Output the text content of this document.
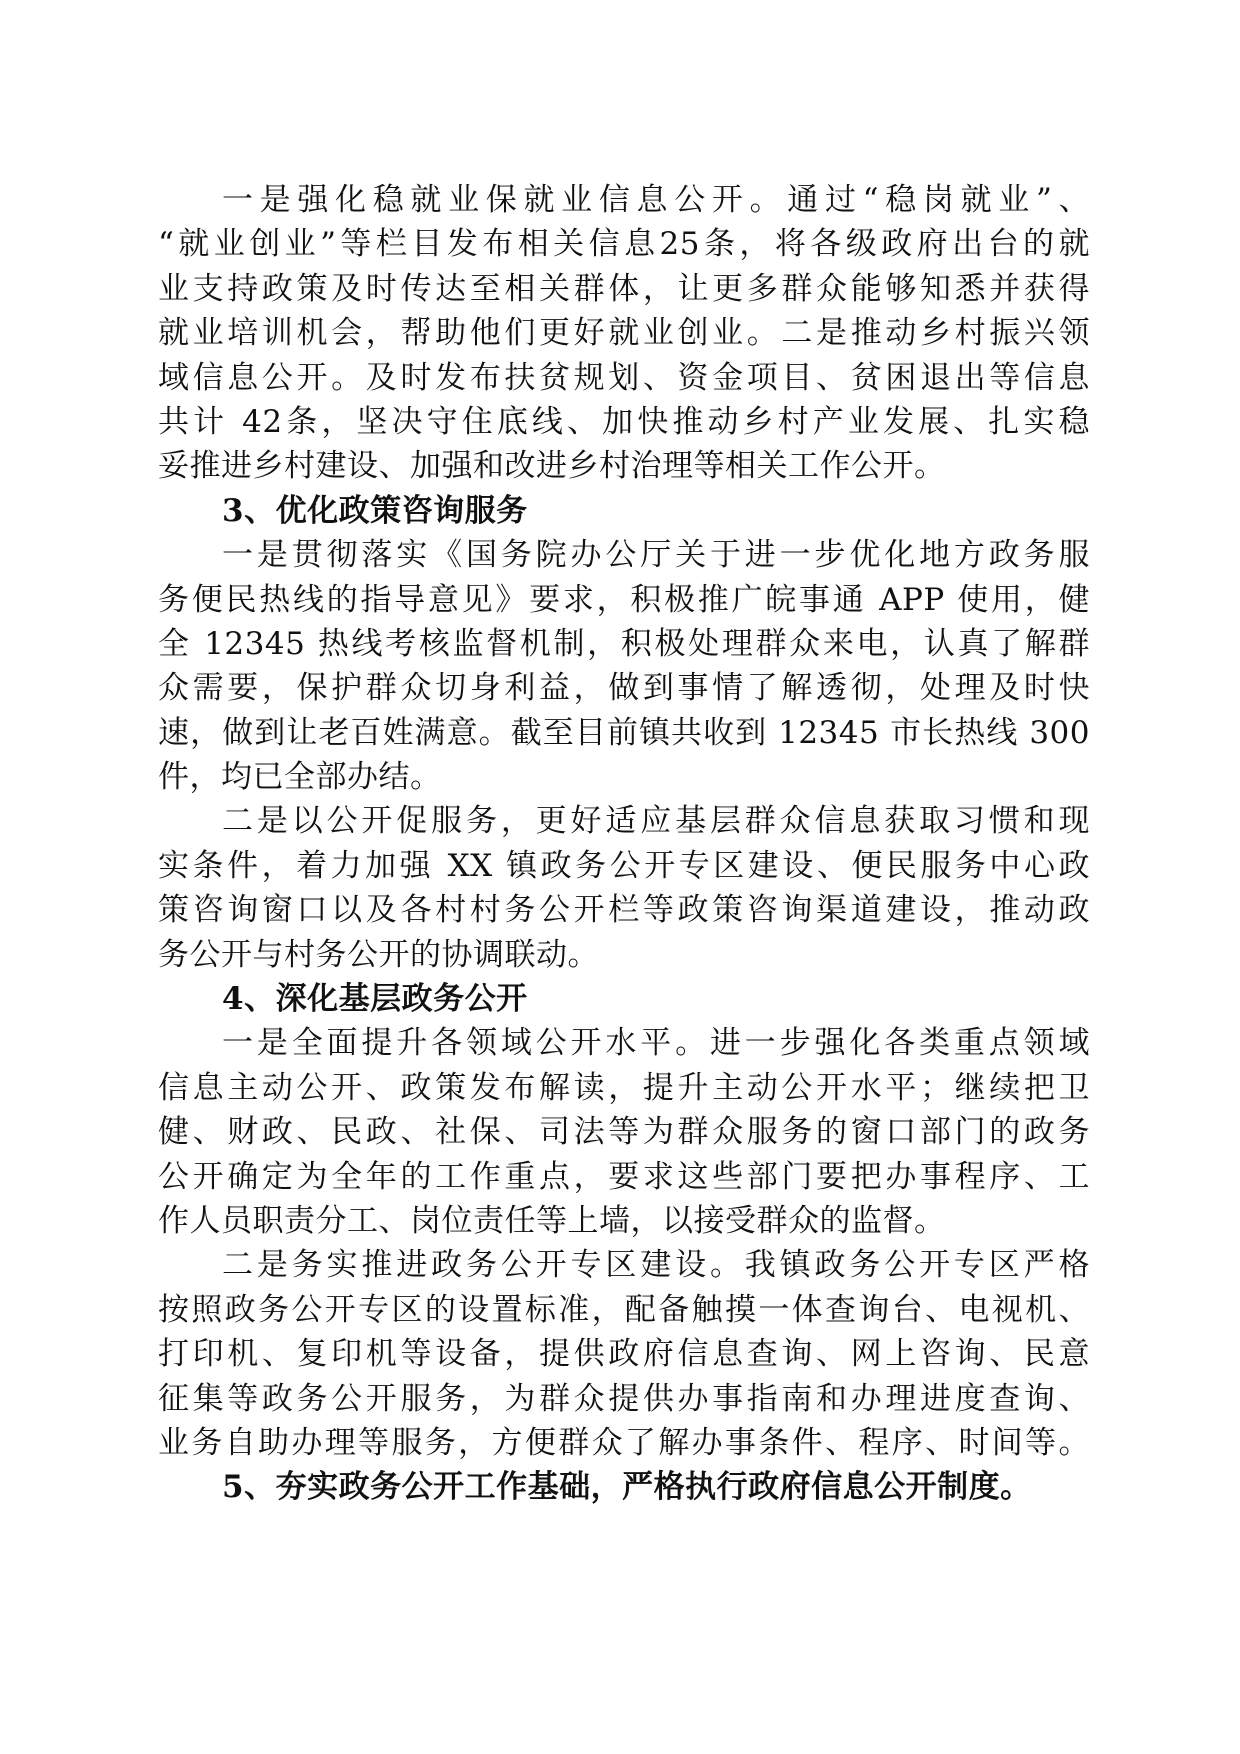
一是强化稳就业保就业信息公开。通过“稳岗就业”、
“就业创业”等栏目发布相关信息25条，将各级政府出台的就
业支持政策及时传达至相关群体，让更多群众能够知悉并获得
就业培训机会，帮助他们更好就业创业。二是推动乡村振兴领
域信息公开。及时发布扶贫规划、资金项目、贫困退出等信息
共计 42条，坚决守住底线、加快推动乡村产业发展、扎实稳
妥推进乡村建设、加强和改进乡村治理等相关工作公开。
3、优化政策咨询服务
一是贯彻落实《国务院办公厅关于进一步优化地方政务服
务便民热线的指导意见》要求，积极推广皖事通 APP 使用，健
全 12345 热线考核监督机制，积极处理群众来电，认真了解群
众需要，保护群众切身利益，做到事情了解透彻，处理及时快
速，做到让老百姓满意。截至目前镇共收到 12345 市长热线 300
件，均已全部办结。
二是以公开促服务，更好适应基层群众信息获取习惯和现
实条件，着力加强 XX 镇政务公开专区建设、便民服务中心政
策咨询窗口以及各村村务公开栏等政策咨询渠道建设，推动政
务公开与村务公开的协调联动。
4、深化基层政务公开
一是全面提升各领域公开水平。进一步强化各类重点领域
信息主动公开、政策发布解读，提升主动公开水平；继续把卫
健、财政、民政、社保、司法等为群众服务的窗口部门的政务
公开确定为全年的工作重点，要求这些部门要把办事程序、工
作人员职责分工、岗位责任等上墙，以接受群众的监督。
二是务实推进政务公开专区建设。我镇政务公开专区严格
按照政务公开专区的设置标准，配备触摸一体查询台、电视机、
打印机、复印机等设备，提供政府信息查询、网上咨询、民意
征集等政务公开服务，为群众提供办事指南和办理进度查询、
业务自助办理等服务，方便群众了解办事条件、程序、时间等。
5、夯实政务公开工作基础，严格执行政府信息公开制度。
